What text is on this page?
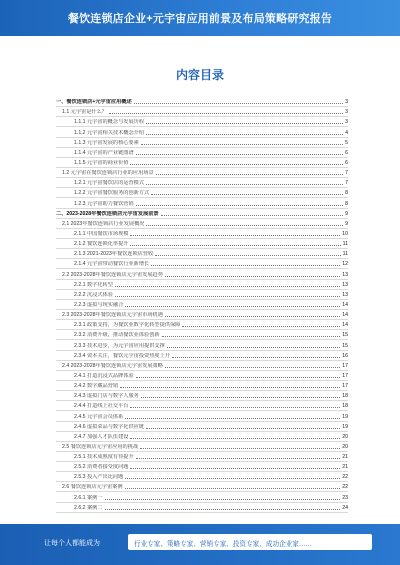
餐饮连锁店企业+元宇宙应用前景及布局策略研究报告
内容目录
一、餐饮连锁店+元宇宙应用概述	3
1.1 元宇宙是什么？	3
1.1.1 元宇宙的概念与发展历程	3
1.1.2 元宇宙相关技术概念介绍	4
1.1.3 元宇宙发展的核心要素	5
1.1.4 元宇宙的产业链图谱	6
1.1.5 元宇宙的商业价值	6
1.2 元宇宙在餐饮连锁店行业的应用场景	7
1.2.1 元宇宙餐饮店的运营模式	7
1.2.2 元宇宙餐饮服务的创新方式	8
1.2.3 元宇宙助力餐饮营销	8
二、2023-2028年餐饮连锁店元宇宙发展前景	9
2.1 2023年餐饮连锁店行业发展概况	9
2.1.1 中国餐饮市场规模	10
2.1.2 餐饮连锁化率提升	11
2.1.3 2021-2023年餐饮连锁店营收	11
2.1.4 元宇宙带动餐饮行业新增长	12
2.2 2023-2028年餐饮连锁店元宇宙发展趋势	13
2.2.1 数字化转型	13
2.2.2 沉浸式体验	13
2.2.3 虚拟与现实融合	14
2.3 2023-2028年餐饮连锁店元宇宙市场机遇	14
2.3.1 政策支持，为餐饮业数字化转型提供保障	14
2.3.2 消费升级，推动餐饮业体验创新	15
2.3.3 技术进步，为元宇宙应用提供支撑	15
2.3.4 资本关注，餐饮元宇宙投资热度上升	16
2.4 2023-2028年餐饮连锁店元宇宙发展策略	17
2.4.1 打造沉浸式品牌体验	17
2.4.2 数字藏品营销	17
2.4.3 虚拟门店与数字人服务	18
2.4.4 打造线上社交平台	18
2.4.5 元宇宙会员体系	19
2.4.6 虚拟菜品与数字化供应链	19
2.4.7 加强人才队伍建设	20
2.5 餐饮连锁店元宇宙应用的挑战	20
2.5.1 技术成熟度有待提升	21
2.5.2 消费者接受度问题	21
2.5.3 投入产出比问题	22
2.6 餐饮连锁店元宇宙案例	22
2.6.1 案例一	23
2.6.2 案例二	24
让每个人都能成为	行业专家、策略专家、营销专家、投资专家、成功企业家……
